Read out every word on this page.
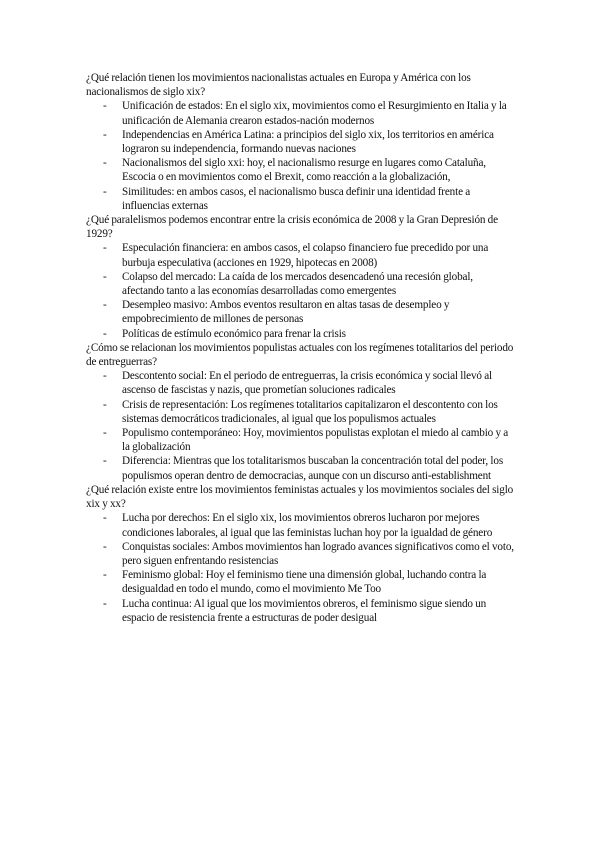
¿Qué relación tienen los movimientos nacionalistas actuales en Europa y América con los nacionalismos de siglo xix?

- Unificación de estados: En el siglo xix, movimientos como el Resurgimiento en Italia y la unificación de Alemania crearon estados-nación modernos
- Independencias en América Latina: a principios del siglo xix, los territorios en américa lograron su independencia, formando nuevas naciones
- Nacionalismos del siglo xxi: hoy, el nacionalismo resurge en lugares como Cataluña, Escocia o en movimientos como el Brexit, como reacción a la globalización,
- Similitudes: en ambos casos, el nacionalismo busca definir una identidad frente a influencias externas

¿Qué paralelismos podemos encontrar entre la crisis económica de 2008 y la Gran Depresión de 1929?

- Especulación financiera: en ambos casos, el colapso financiero fue precedido por una burbuja especulativa (acciones en 1929, hipotecas en 2008)
- Colapso del mercado: La caída de los mercados desencadenó una recesión global, afectando tanto a las economías desarrolladas como emergentes
- Desempleo masivo: Ambos eventos resultaron en altas tasas de desempleo y empobrecimiento de millones de personas
- Políticas de estímulo económico para frenar la crisis

¿Cómo se relacionan los movimientos populistas actuales con los regímenes totalitarios del periodo de entreguerras?

- Descontento social: En el periodo de entreguerras, la crisis económica y social llevó al ascenso de fascistas y nazis, que prometían soluciones radicales
- Crisis de representación: Los regímenes totalitarios capitalizaron el descontento con los sistemas democráticos tradicionales, al igual que los populismos actuales
- Populismo contemporáneo: Hoy, movimientos populistas explotan el miedo al cambio y a la globalización
- Diferencia: Mientras que los totalitarismos buscaban la concentración total del poder, los populismos operan dentro de democracias, aunque con un discurso anti-establishment

¿Qué relación existe entre los movimientos feministas actuales y los movimientos sociales del siglo xix y xx?

- Lucha por derechos: En el siglo xix, los movimientos obreros lucharon por mejores condiciones laborales, al igual que las feministas luchan hoy por la igualdad de género
- Conquistas sociales: Ambos movimientos han logrado avances significativos como el voto, pero siguen enfrentando resistencias
- Feminismo global: Hoy el feminismo tiene una dimensión global, luchando contra la desigualdad en todo el mundo, como el movimiento Me Too
- Lucha continua: Al igual que los movimientos obreros, el feminismo sigue siendo un espacio de resistencia frente a estructuras de poder desigual
